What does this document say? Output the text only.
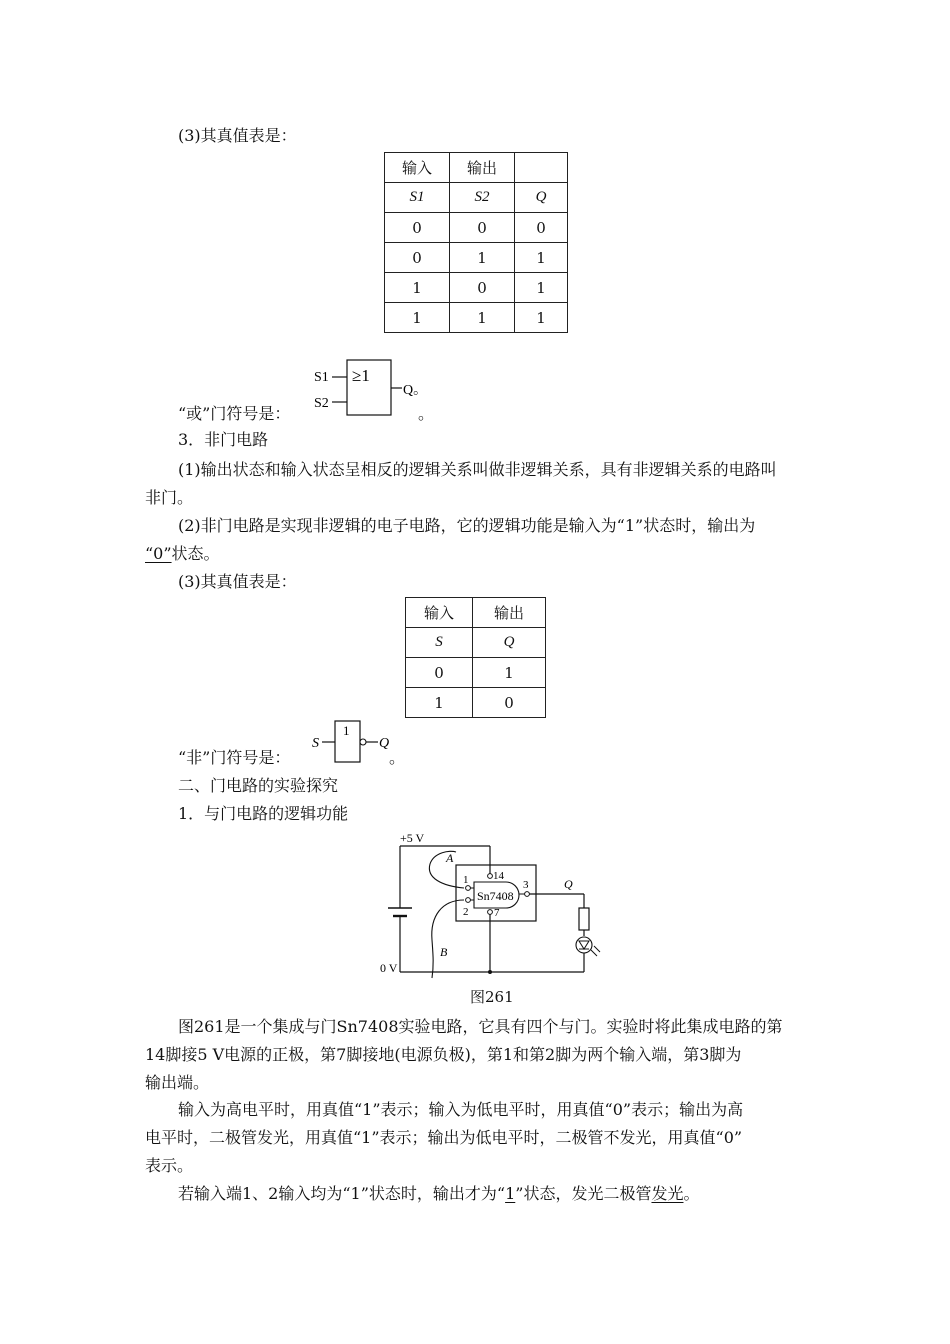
(3)其真值表是：
输入	输出	
S1	S2	Q
0	0	0
0	1	1
1	0	1
1	1	1
S1
S2
≥1
Q。
“或”门符号是：	。
3．非门电路
(1)输出状态和输入状态呈相反的逻辑关系叫做非逻辑关系，具有非逻辑关系的电路叫
非门。
(2)非门电路是实现非逻辑的电子电路，它的逻辑功能是输入为“1”状态时，输出为
“0”状态。
(3)其真值表是：
输入	输出
S	Q
0	1
1	0
S
1
Q
“非”门符号是：	。
二、门电路的实验探究
1．与门电路的逻辑功能
+5 V
0 V
Sn7408
14
7
1
2
3	Q
A
B
图261
图261是一个集成与门Sn7408实验电路，它具有四个与门。实验时将此集成电路的第
14脚接5 V电源的正极，第7脚接地(电源负极)，第1和第2脚为两个输入端，第3脚为
输出端。
输入为高电平时，用真值“1”表示；输入为低电平时，用真值“0”表示；输出为高
电平时，二极管发光，用真值“1”表示；输出为低电平时，二极管不发光，用真值“0”
表示。
若输入端1、2输入均为“1”状态时，输出才为“1”状态，发光二极管发光。
